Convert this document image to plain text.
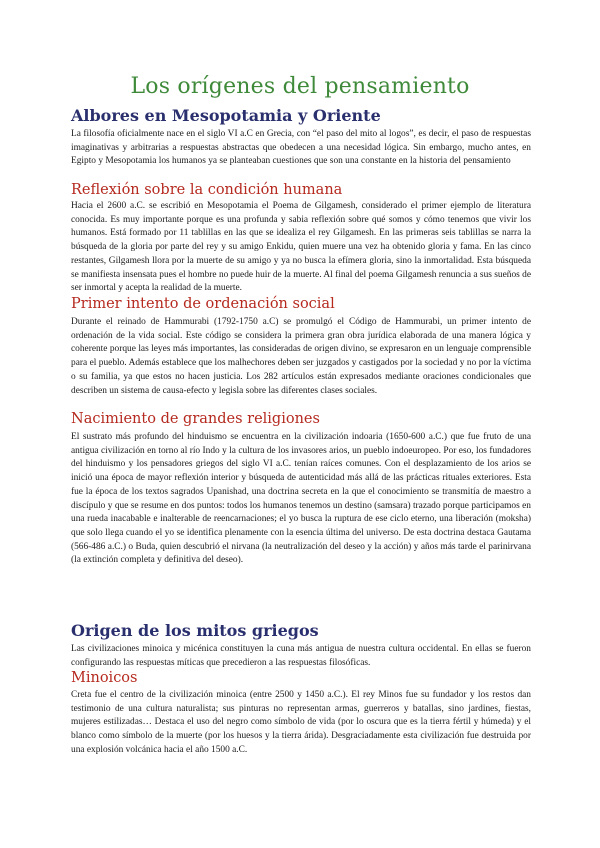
Los orígenes del pensamiento
Albores en Mesopotamia y Oriente

La filosofía oficialmente nace en el siglo VI a.C en Grecia, con “el paso del mito al logos”, es decir, el paso de respuestas imaginativas y arbitrarias a respuestas abstractas que obedecen a una necesidad lógica. Sin embargo, mucho antes, en Egipto y Mesopotamia los humanos ya se planteaban cuestiones que son una constante en la historia del pensamiento

Reflexión sobre la condición humana

Hacia el 2600 a.C. se escribió en Mesopotamia el Poema de Gilgamesh, considerado el primer ejemplo de literatura conocida. Es muy importante porque es una profunda y sabia reflexión sobre qué somos y cómo tenemos que vivir los humanos. Está formado por 11 tablillas en las que se idealiza el rey Gilgamesh. En las primeras seis tablillas se narra la búsqueda de la gloria por parte del rey y su amigo Enkidu, quien muere una vez ha obtenido gloria y fama. En las cinco restantes, Gilgamesh llora por la muerte de su amigo y ya no busca la efímera gloria, sino la inmortalidad. Esta búsqueda se manifiesta insensata pues el hombre no puede huir de la muerte. Al final del poema Gilgamesh renuncia a sus sueños de ser inmortal y acepta la realidad de la muerte.

Primer intento de ordenación social

Durante el reinado de Hammurabi (1792-1750 a.C) se promulgó el Código de Hammurabi, un primer intento de ordenación de la vida social. Este código se considera la primera gran obra jurídica elaborada de una manera lógica y coherente porque las leyes más importantes, las consideradas de origen divino, se expresaron en un lenguaje comprensible para el pueblo. Además establece que los malhechores deben ser juzgados y castigados por la sociedad y no por la víctima o su familia, ya que estos no hacen justicia. Los 282 artículos están expresados mediante oraciones condicionales que describen un sistema de causa-efecto y legisla sobre las diferentes clases sociales.

Nacimiento de grandes religiones

El sustrato más profundo del hinduismo se encuentra en la civilización indoaria (1650-600 a.C.) que fue fruto de una antigua civilización en torno al río Indo y la cultura de los invasores arios, un pueblo indoeuropeo. Por eso, los fundadores del hinduismo y los pensadores griegos del siglo VI a.C. tenían raíces comunes. Con el desplazamiento de los arios se inició una época de mayor reflexión interior y búsqueda de autenticidad más allá de las prácticas rituales exteriores. Esta fue la época de los textos sagrados Upanishad, una doctrina secreta en la que el conocimiento se transmitía de maestro a discípulo y que se resume en dos puntos: todos los humanos tenemos un destino (samsara) trazado porque participamos en una rueda inacabable e inalterable de reencarnaciones; el yo busca la ruptura de ese ciclo eterno, una liberación (moksha) que solo llega cuando el yo se identifica plenamente con la esencia última del universo. De esta doctrina destaca Gautama (566-486 a.C.) o Buda, quien descubrió el nirvana (la neutralización del deseo y la acción) y años más tarde el parinirvana (la extinción completa y definitiva del deseo).

Origen de los mitos griegos

Las civilizaciones minoica y micénica constituyen la cuna más antigua de nuestra cultura occidental. En ellas se fueron configurando las respuestas míticas que precedieron a las respuestas filosóficas.

Minoicos

Creta fue el centro de la civilización minoica (entre 2500 y 1450 a.C.). El rey Minos fue su fundador y los restos dan testimonio de una cultura naturalista; sus pinturas no representan armas, guerreros y batallas, sino jardines, fiestas, mujeres estilizadas… Destaca el uso del negro como símbolo de vida (por lo oscura que es la tierra fértil y húmeda) y el blanco como símbolo de la muerte (por los huesos y la tierra árida). Desgraciadamente esta civilización fue destruida por una explosión volcánica hacia el año 1500 a.C.
